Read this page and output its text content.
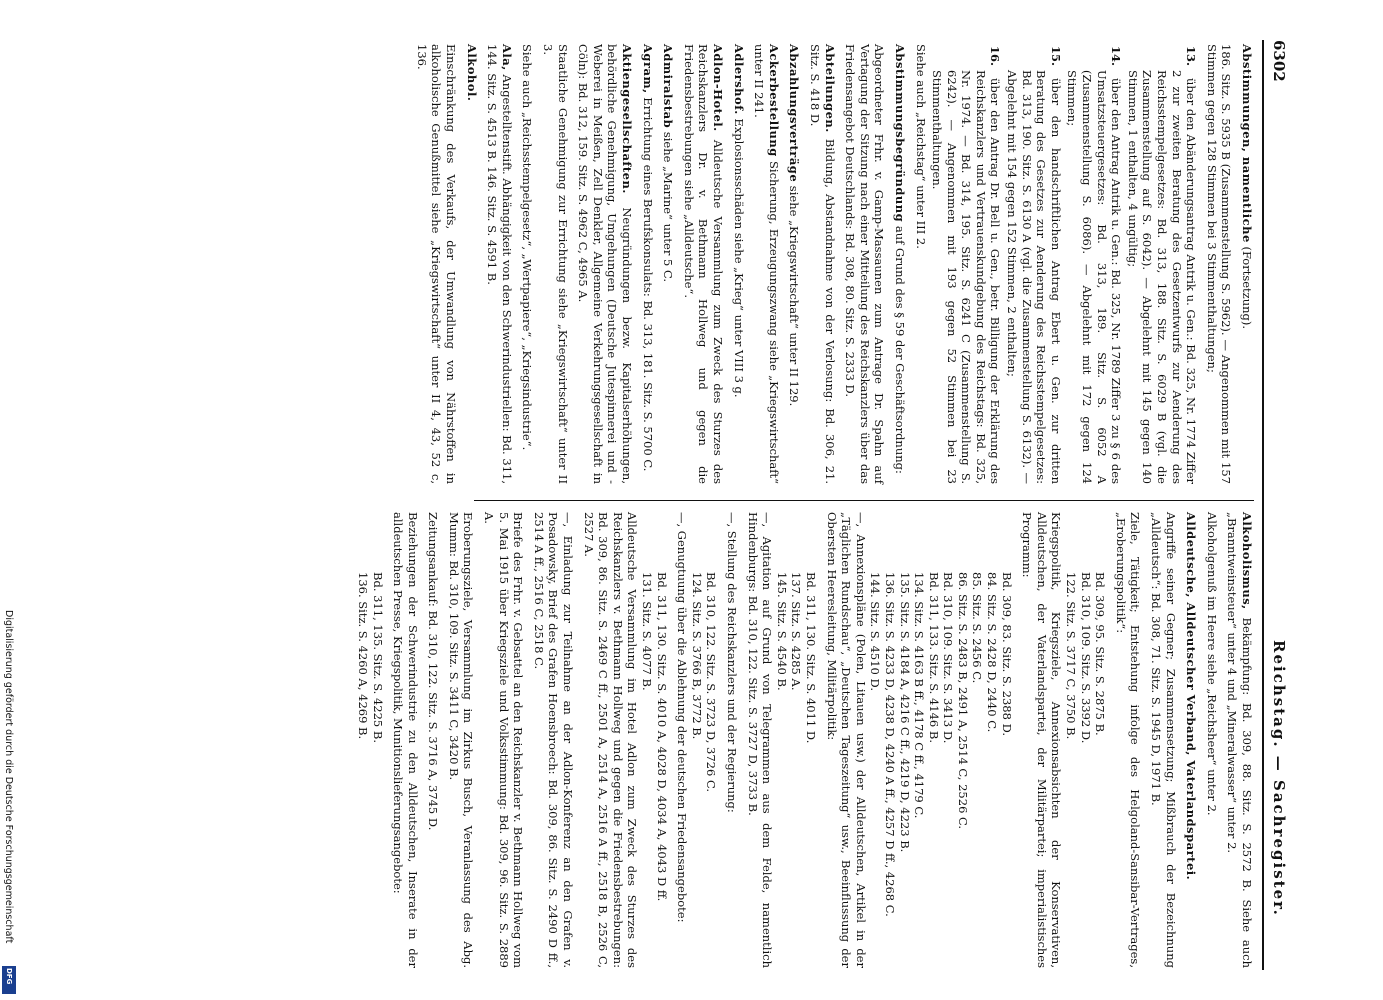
6302
Reichstag. — Sachregister.
Abstimmungen, namentliche (Fortsetzung).
186. Sitz. S. 5935 B (Zusammenstellung S. 5962). — Angenommen mit 157 Stimmen gegen 128 Stimmen bei 3 Stimmenthaltungen;
13.über den Abänderungsantrag Antrik u. Gen.: Bd. 325, Nr. 1774 Ziffer 2 zur zweiten Beratung des Gesetzentwurfs zur Aenderung des Reichsstempelgesetzes: Bd. 313, 188. Sitz. S. 6029 B (vgl. die Zusammenstellung auf S. 6042). — Abgelehnt mit 145 gegen 140 Stimmen, 1 enthalten, 4 ungültig;
14.über den Antrag Antrik u. Gen.: Bd. 325, Nr. 1789 Ziffer 3 zu § 6 des Umsatzsteuergesetzes: Bd. 313, 189. Sitz. S. 6052 A (Zusammenstellung S. 6086). — Abgelehnt mit 172 gegen 124 Stimmen;
15.über den handschriftlichen Antrag Ebert u. Gen. zur dritten Beratung des Gesetzes zur Aenderung des Reichsstempelgesetzes: Bd. 313, 190. Sitz. S. 6130 A (vgl. die Zusammenstellung S. 6132). — Abgelehnt mit 154 gegen 152 Stimmen, 2 enthalten;
16.über den Antrag Dr. Bell u. Gen., betr. Billigung der Erklärung des Reichskanzlers und Vertrauenskundgebung des Reichstags: Bd. 325, Nr. 1974. — Bd. 314, 195. Sitz. S. 6241 C (Zusammenstellung S. 6242). — Angenommen mit 193 gegen 52 Stimmen bei 23 Stimmenthaltungen.
Siehe auch „Reichstag“ unter III 2.
Abstimmungsbegründung auf Grund des § 59 der Geschäftsordnung:
Abgeordneter Frhr. v. Gamp-Massaunen zum Antrage Dr. Spahn auf Vertagung der Sitzung nach einer Mitteilung des Reichskanzlers über das Friedensangebot Deutschlands: Bd. 308, 80. Sitz. S. 2333 D.
Abteilungen. Bildung, Abstandnahme von der Verlosung: Bd. 306, 21. Sitz. S. 418 D.
Abzahlungsverträge siehe „Kriegswirtschaft“ unter II 129.
Ackerbestellung Sicherung, Erzeugungszwang siehe „Kriegswirtschaft“ unter II 241.
Adlershof. Explosionsschäden siehe „Krieg“ unter VIII 3 g.
Adlon-Hotel. Alldeutsche Versammlung zum Zweck des Sturzes des Reichskanzlers Dr. v. Bethmann Hollweg und gegen die Friedensbestrebungen siehe „Alldeutsche“.
Admiralstab siehe „Marine“ unter 5 C.
Agram, Errichtung eines Berufskonsulats: Bd. 313, 181. Sitz. S. 5700 C.
Aktiengesellschaften. Neugründungen bezw. Kapitalserhöhungen, behördliche Genehmigung, Umgehungen (Deutsche Jutespinnerei und -Weberei in Meißen, Zell Denkler, Allgemeine Verkehrungsgesellschaft in Cöln): Bd. 312, 159. Sitz. S. 4962 C, 4965 A.
Staatliche Genehmigung zur Errichtung siehe „Kriegswirtschaft“ unter II 3.
Siehe auch „Reichsstempelgesetz“, „Wertpapiere“, „Kriegsindustrie“.
Ala, Angestelltenstift. Abhängigkeit von den Schwerindustriellen: Bd. 311, 144. Sitz. S. 4513 B. 146. Sitz. S. 4591 B.
Alkohol.
Einschränkung des Verkaufs, der Umwandlung von Nährstoffen in alkoholische Genußmittel siehe „Kriegswirtschaft“ unter II 4, 43, 52 c, 136.
Alkoholismus, Bekämpfung: Bd. 309, 88. Sitz. S. 2572 B. Siehe auch „Branntweinsteuer“ unter 4 und „Mineralwasser“ unter 2.
Alkoholgenuß im Heere siehe „Reichsheer“ unter 2.
Alldeutsche, Alldeutscher Verband, Vaterlandspartei.
Angriffe seiner Gegner; Zusammensetzung; Mißbrauch der Bezeichnung „Alldeutsch“: Bd. 308, 71. Sitz. S. 1945 D, 1971 B.
Ziele, Tätigkeit; Entstehung infolge des Helgoland-Sansibar-Vertrages, „Eroberungspolitik“:
Bd. 309, 95. Sitz. S. 2875 B.
Bd. 310, 109. Sitz. S. 3392 D.
122. Sitz. S. 3717 C, 3750 B.
Kriegspolitik, Kriegsziele, Annexionsabsichten der Konservativen, Alldeutschen, der Vaterlandspartei, der Militärpartei; imperialistisches Programm:
Bd. 309, 83. Sitz. S. 2388 D.
84. Sitz. S. 2428 D, 2440 C.
85. Sitz. S. 2456 C.
86. Sitz. S. 2483 B, 2491 A, 2514 C, 2526 C.
Bd. 310, 109. Sitz. S. 3413 D.
Bd. 311, 133. Sitz. S. 4146 B.
134. Sitz. S. 4163 B ff., 4178 C ff., 4179 C.
135. Sitz. S. 4184 A, 4216 C ff., 4219 D, 4223 B.
136. Sitz. S. 4233 D, 4238 D, 4240 A ff., 4257 D ff., 4268 C.
144. Sitz. S. 4510 D.
—, Annexionspläne (Polen, Litauen usw.) der Alldeutschen, Artikel in der „Täglichen Rundschau“, „Deutschen Tageszeitung“ usw., Beeinflussung der Obersten Heeresleitung, Militärpolitik:
Bd. 311, 130. Sitz. S. 4011 D.
137. Sitz. S. 4285 A.
145. Sitz. S. 4540 B.
—, Agitation auf Grund von Telegrammen aus dem Felde, namentlich Hindenburgs: Bd. 310, 122. Sitz. S. 3727 D, 3733 B.
—, Stellung des Reichskanzlers und der Regierung:
Bd. 310, 122. Sitz. S. 3723 D, 3726 C.
124. Sitz. S. 3766 B, 3772 B.
—, Genugtuung über die Ablehnung der deutschen Friedensangebote:
Bd. 311, 130. Sitz. S. 4010 A, 4028 D, 4034 A, 4043 D ff.
131. Sitz. S. 4077 B.
Alldeutsche Versammlung im Hotel Adlon zum Zweck des Sturzes des Reichskanzlers v. Bethmann Hollweg und gegen die Friedensbestrebungen: Bd. 309, 86. Sitz. S. 2469 C ff., 2501 A, 2514 A, 2516 A ff., 2518 B, 2526 C, 2527 A.
—, Einladung zur Teilnahme an der Adlon-Konferenz an den Grafen v. Posadowsky, Brief des Grafen Hoensbroech: Bd. 309, 86. Sitz. S. 2490 D ff., 2514 A ff., 2516 C, 2518 C.
Briefe des Frhr. v. Gebsattel an den Reichskanzler v. Bethmann Hollweg vom 5. Mai 1915 über Kriegsziele und Volksstimmung: Bd. 309, 96. Sitz. S. 2889 A.
Eroberungsziele, Versammlung im Zirkus Busch, Veranlassung des Abg. Mumm: Bd. 310, 109. Sitz. S. 3411 C, 3420 B.
Zeitungsankauf: Bd. 310, 122. Sitz. S. 3716 A, 3745 D.
Beziehungen der Schwerindustrie zu den Alldeutschen, Inserate in der alldeutschen Presse, Kriegspolitik, Munitionslieferungsangebote:
Bd. 311, 135. Sitz. S. 4225 B.
136. Sitz. S. 4260 A, 4269 B.
Digitalisierung gefördert durch die Deutsche Forschungsgemeinschaft
DFG
